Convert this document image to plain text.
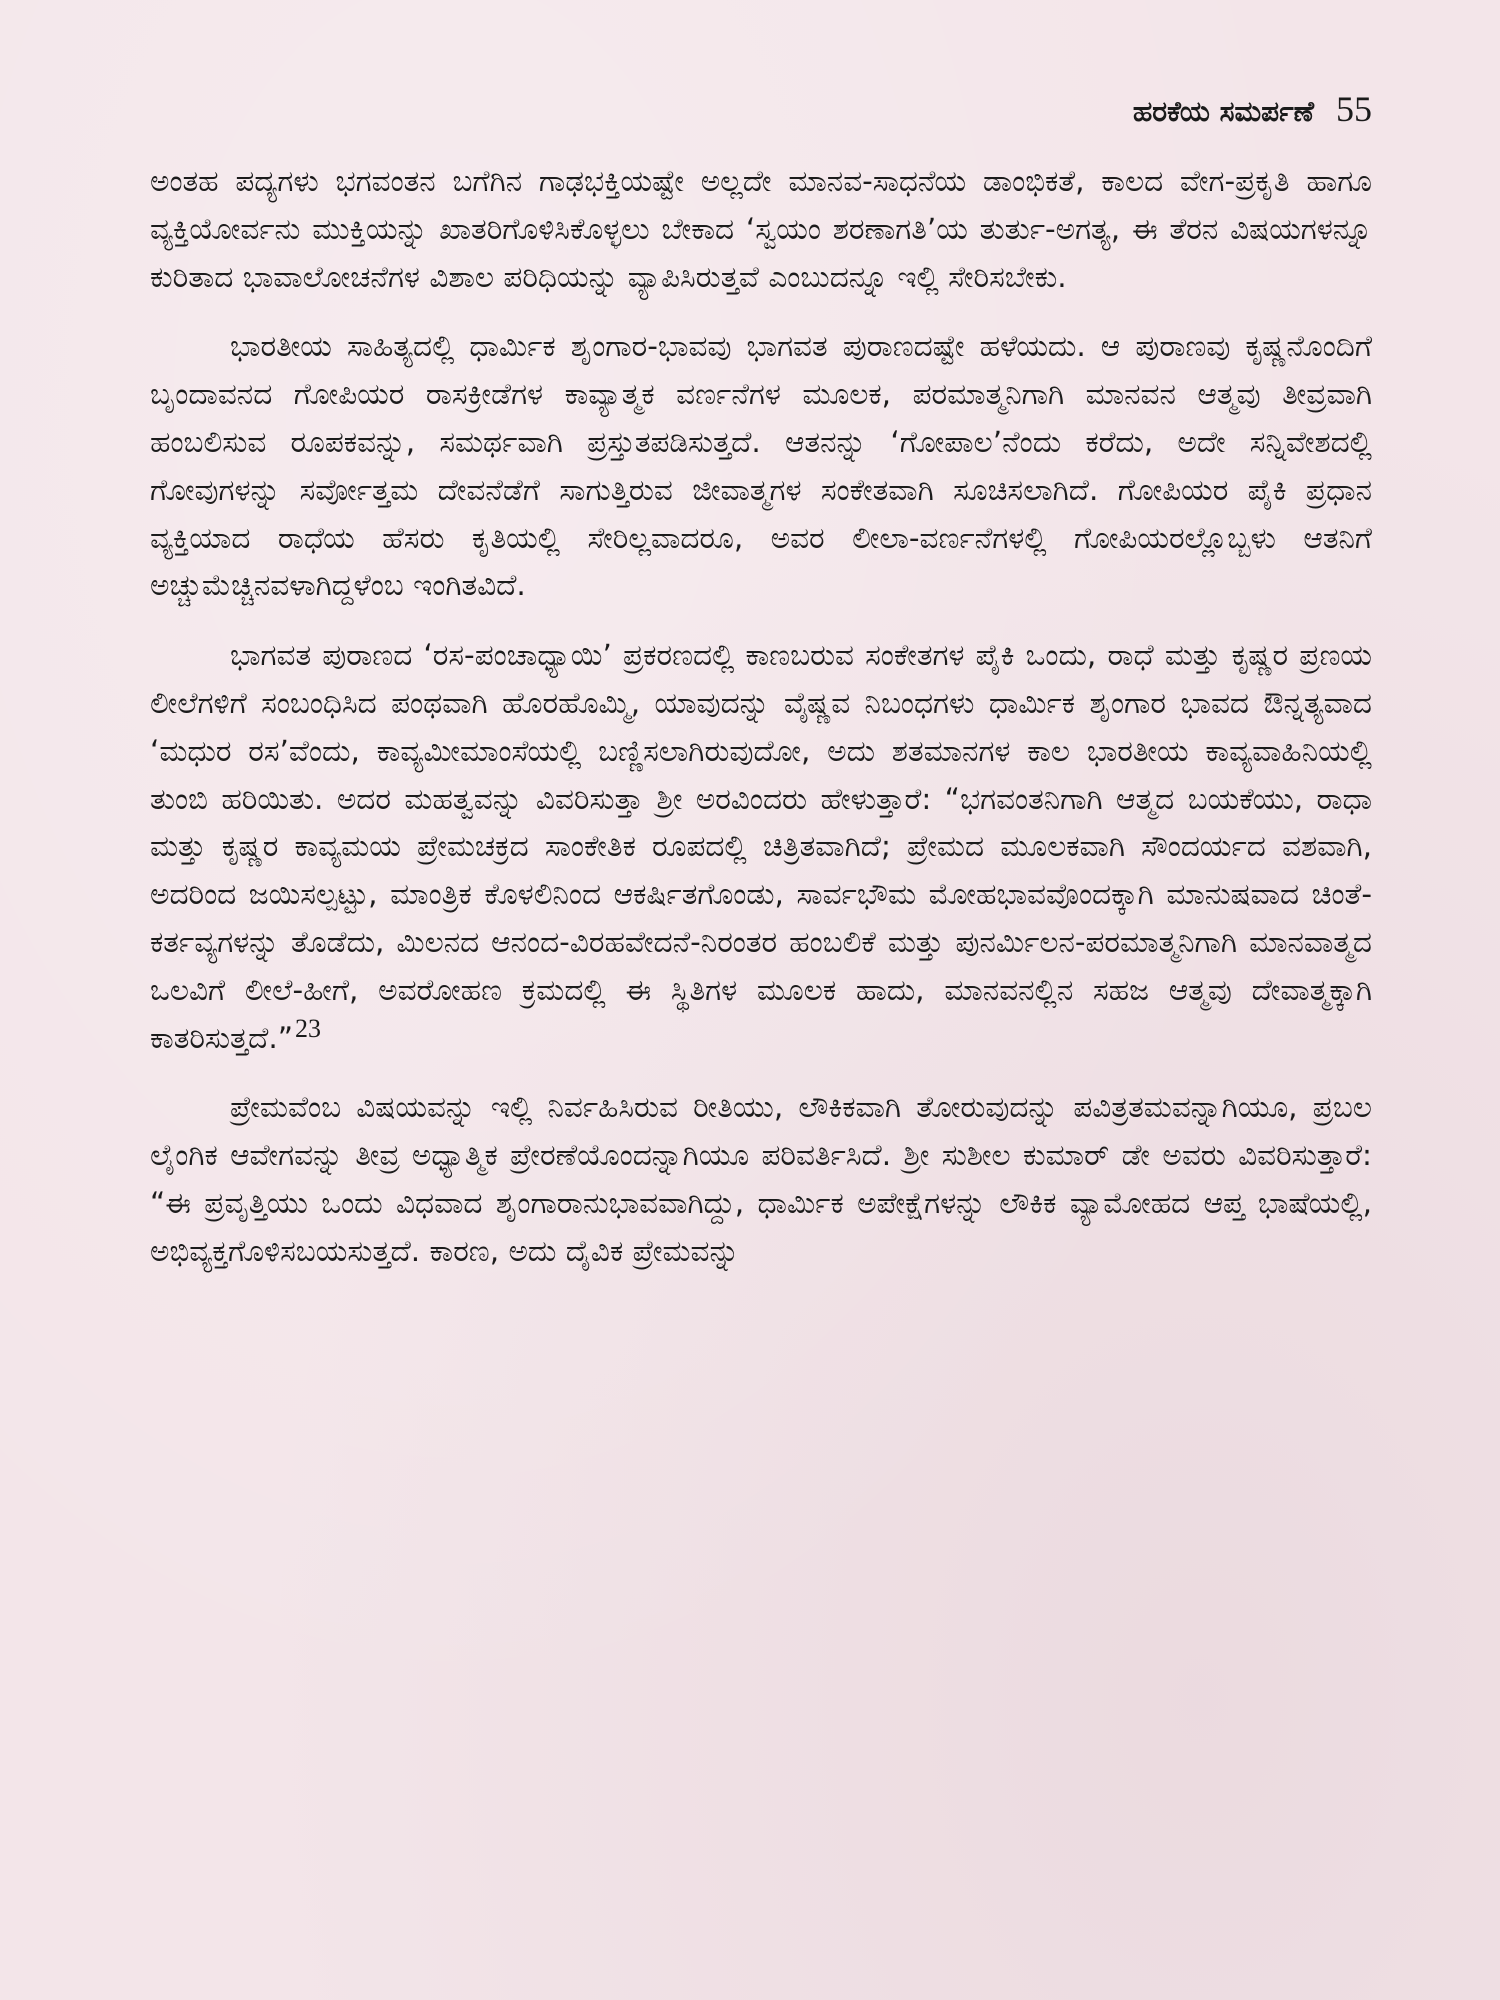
ಹರಕೆಯ ಸಮರ್ಪಣೆ 55

ಅಂತಹ ಪದ್ಯಗಳು ಭಗವಂತನ ಬಗೆಗಿನ ಗಾಢಭಕ್ತಿಯಷ್ಟೇ ಅಲ್ಲದೇ ಮಾನವ-ಸಾಧನೆಯ ಡಾಂಭಿಕತೆ, ಕಾಲದ ವೇಗ-ಪ್ರಕೃತಿ ಹಾಗೂ ವ್ಯಕ್ತಿಯೋರ್ವನು ಮುಕ್ತಿಯನ್ನು ಖಾತರಿಗೊಳಿಸಿಕೊಳ್ಳಲು ಬೇಕಾದ ‘ಸ್ವಯಂ ಶರಣಾಗತಿ’ಯ ತುರ್ತು-ಅಗತ್ಯ, ಈ ತೆರನ ವಿಷಯಗಳನ್ನೂ ಕುರಿತಾದ ಭಾವಾಲೋಚನೆಗಳ ವಿಶಾಲ ಪರಿಧಿಯನ್ನು ವ್ಯಾಪಿಸಿರುತ್ತವೆ ಎಂಬುದನ್ನೂ ಇಲ್ಲಿ ಸೇರಿಸಬೇಕು.

ಭಾರತೀಯ ಸಾಹಿತ್ಯದಲ್ಲಿ ಧಾರ್ಮಿಕ ಶೃಂಗಾರ-ಭಾವವು ಭಾಗವತ ಪುರಾಣದಷ್ಟೇ ಹಳೆಯದು. ಆ ಪುರಾಣವು ಕೃಷ್ಣನೊಂದಿಗೆ ಬೃಂದಾವನದ ಗೋಪಿಯರ ರಾಸಕ್ರೀಡೆಗಳ ಕಾವ್ಯಾತ್ಮಕ ವರ್ಣನೆಗಳ ಮೂಲಕ, ಪರಮಾತ್ಮನಿಗಾಗಿ ಮಾನವನ ಆತ್ಮವು ತೀವ್ರವಾಗಿ ಹಂಬಲಿಸುವ ರೂಪಕವನ್ನು, ಸಮರ್ಥವಾಗಿ ಪ್ರಸ್ತುತಪಡಿಸುತ್ತದೆ. ಆತನನ್ನು ‘ಗೋಪಾಲ’ನೆಂದು ಕರೆದು, ಅದೇ ಸನ್ನಿವೇಶದಲ್ಲಿ ಗೋವುಗಳನ್ನು ಸರ್ವೋತ್ತಮ ದೇವನೆಡೆಗೆ ಸಾಗುತ್ತಿರುವ ಜೀವಾತ್ಮಗಳ ಸಂಕೇತವಾಗಿ ಸೂಚಿಸಲಾಗಿದೆ. ಗೋಪಿಯರ ಪೈಕಿ ಪ್ರಧಾನ ವ್ಯಕ್ತಿಯಾದ ರಾಧೆಯ ಹೆಸರು ಕೃತಿಯಲ್ಲಿ ಸೇರಿಲ್ಲವಾದರೂ, ಅವರ ಲೀಲಾ-ವರ್ಣನೆಗಳಲ್ಲಿ ಗೋಪಿಯರಲ್ಲೊಬ್ಬಳು ಆತನಿಗೆ ಅಚ್ಚುಮೆಚ್ಚಿನವಳಾಗಿದ್ದಳೆಂಬ ಇಂಗಿತವಿದೆ.

ಭಾಗವತ ಪುರಾಣದ ‘ರಸ-ಪಂಚಾಧ್ಯಾಯಿ’ ಪ್ರಕರಣದಲ್ಲಿ ಕಾಣಬರುವ ಸಂಕೇತಗಳ ಪೈಕಿ ಒಂದು, ರಾಧೆ ಮತ್ತು ಕೃಷ್ಣರ ಪ್ರಣಯ ಲೀಲೆಗಳಿಗೆ ಸಂಬಂಧಿಸಿದ ಪಂಥವಾಗಿ ಹೊರಹೊಮ್ಮಿ, ಯಾವುದನ್ನು ವೈಷ್ಣವ ನಿಬಂಧಗಳು ಧಾರ್ಮಿಕ ಶೃಂಗಾರ ಭಾವದ ಔನ್ನತ್ಯವಾದ ‘ಮಧುರ ರಸ’ವೆಂದು, ಕಾವ್ಯಮೀಮಾಂಸೆಯಲ್ಲಿ ಬಣ್ಣಿಸಲಾಗಿರುವುದೋ, ಅದು ಶತಮಾನಗಳ ಕಾಲ ಭಾರತೀಯ ಕಾವ್ಯವಾಹಿನಿಯಲ್ಲಿ ತುಂಬಿ ಹರಿಯಿತು. ಅದರ ಮಹತ್ವವನ್ನು ವಿವರಿಸುತ್ತಾ ಶ್ರೀ ಅರವಿಂದರು ಹೇಳುತ್ತಾರೆ: “ಭಗವಂತನಿಗಾಗಿ ಆತ್ಮದ ಬಯಕೆಯು, ರಾಧಾ ಮತ್ತು ಕೃಷ್ಣರ ಕಾವ್ಯಮಯ ಪ್ರೇಮಚಕ್ರದ ಸಾಂಕೇತಿಕ ರೂಪದಲ್ಲಿ ಚಿತ್ರಿತವಾಗಿದೆ; ಪ್ರೇಮದ ಮೂಲಕವಾಗಿ ಸೌಂದರ್ಯದ ವಶವಾಗಿ, ಅದರಿಂದ ಜಯಿಸಲ್ಪಟ್ಟು, ಮಾಂತ್ರಿಕ ಕೊಳಲಿನಿಂದ ಆಕರ್ಷಿತಗೊಂಡು, ಸಾರ್ವಭೌಮ ಮೋಹಭಾವವೊಂದಕ್ಕಾಗಿ ಮಾನುಷವಾದ ಚಿಂತೆ-ಕರ್ತವ್ಯಗಳನ್ನು ತೊಡೆದು, ಮಿಲನದ ಆನಂದ-ವಿರಹವೇದನೆ-ನಿರಂತರ ಹಂಬಲಿಕೆ ಮತ್ತು ಪುನರ್ಮಿಲನ-ಪರಮಾತ್ಮನಿಗಾಗಿ ಮಾನವಾತ್ಮದ ಒಲವಿಗೆ ಲೀಲೆ-ಹೀಗೆ, ಅವರೋಹಣ ಕ್ರಮದಲ್ಲಿ ಈ ಸ್ಥಿತಿಗಳ ಮೂಲಕ ಹಾದು, ಮಾನವನಲ್ಲಿನ ಸಹಜ ಆತ್ಮವು ದೇವಾತ್ಮಕ್ಕಾಗಿ ಕಾತರಿಸುತ್ತದೆ.”$^{23}$

ಪ್ರೇಮವೆಂಬ ವಿಷಯವನ್ನು ಇಲ್ಲಿ ನಿರ್ವಹಿಸಿರುವ ರೀತಿಯು, ಲೌಕಿಕವಾಗಿ ತೋರುವುದನ್ನು ಪವಿತ್ರತಮವನ್ನಾಗಿಯೂ, ಪ್ರಬಲ ಲೈಂಗಿಕ ಆವೇಗವನ್ನು ತೀವ್ರ ಅಧ್ಯಾತ್ಮಿಕ ಪ್ರೇರಣೆಯೊಂದನ್ನಾಗಿಯೂ ಪರಿವರ್ತಿಸಿದೆ. ಶ್ರೀ ಸುಶೀಲ ಕುಮಾರ್ ಡೇ ಅವರು ವಿವರಿಸುತ್ತಾರೆ: “ಈ ಪ್ರವೃತ್ತಿಯು ಒಂದು ವಿಧವಾದ ಶೃಂಗಾರಾನುಭಾವವಾಗಿದ್ದು, ಧಾರ್ಮಿಕ ಅಪೇಕ್ಷೆಗಳನ್ನು ಲೌಕಿಕ ವ್ಯಾಮೋಹದ ಆಪ್ತ ಭಾಷೆಯಲ್ಲಿ, ಅಭಿವ್ಯಕ್ತಗೊಳಿಸಬಯಸುತ್ತದೆ. ಕಾರಣ, ಅದು ದೈವಿಕ ಪ್ರೇಮವನ್ನು
